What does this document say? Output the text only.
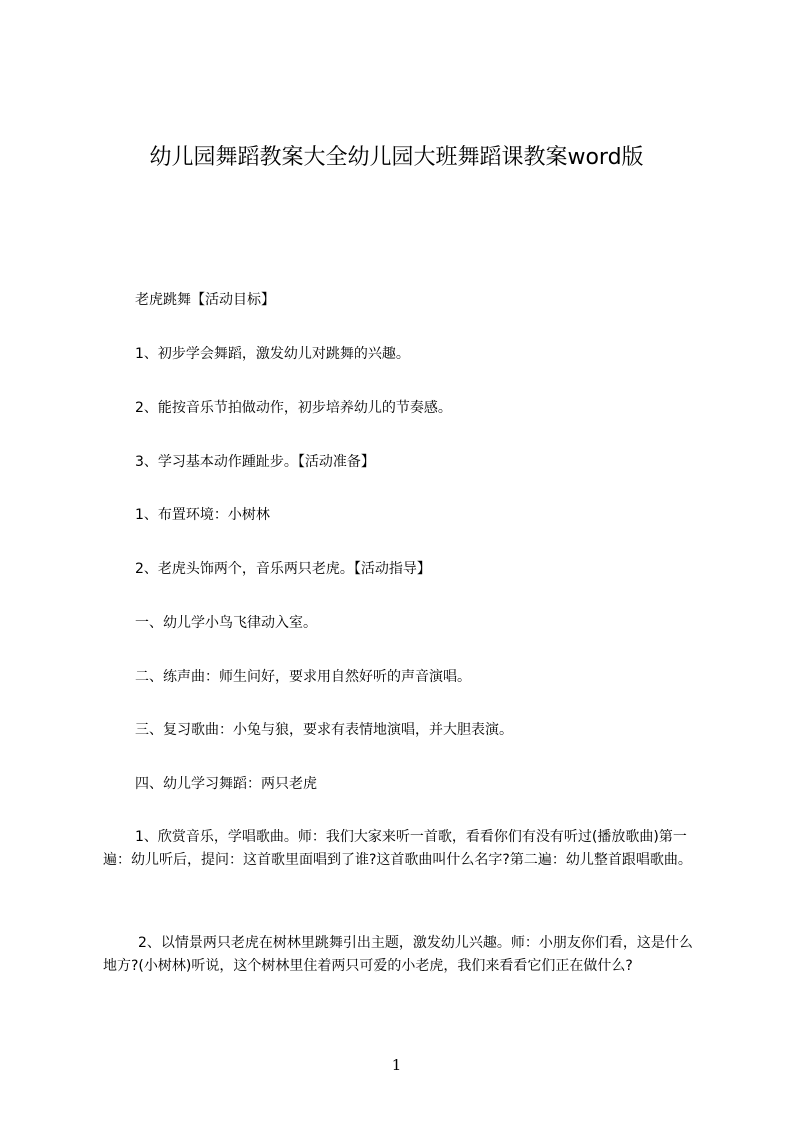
幼儿园舞蹈教案大全幼儿园大班舞蹈课教案word版
老虎跳舞【活动目标】
1、初步学会舞蹈，激发幼儿对跳舞的兴趣。
2、能按音乐节拍做动作，初步培养幼儿的节奏感。
3、学习基本动作踵趾步。【活动准备】
1、布置环境：小树林
2、老虎头饰两个，音乐两只老虎。【活动指导】
一、幼儿学小鸟飞律动入室。
二、练声曲：师生问好，要求用自然好听的声音演唱。
三、复习歌曲：小兔与狼，要求有表情地演唱，并大胆表演。
四、幼儿学习舞蹈：两只老虎
1、欣赏音乐，学唱歌曲。师：我们大家来听一首歌，看看你们有没有听过(播放歌曲)第一遍：幼儿听后，提问：这首歌里面唱到了谁?这首歌曲叫什么名字?第二遍：幼儿整首跟唱歌曲。
2、以情景两只老虎在树林里跳舞引出主题，激发幼儿兴趣。师：小朋友你们看，这是什么地方?(小树林)听说，这个树林里住着两只可爱的小老虎，我们来看看它们正在做什么?
1
